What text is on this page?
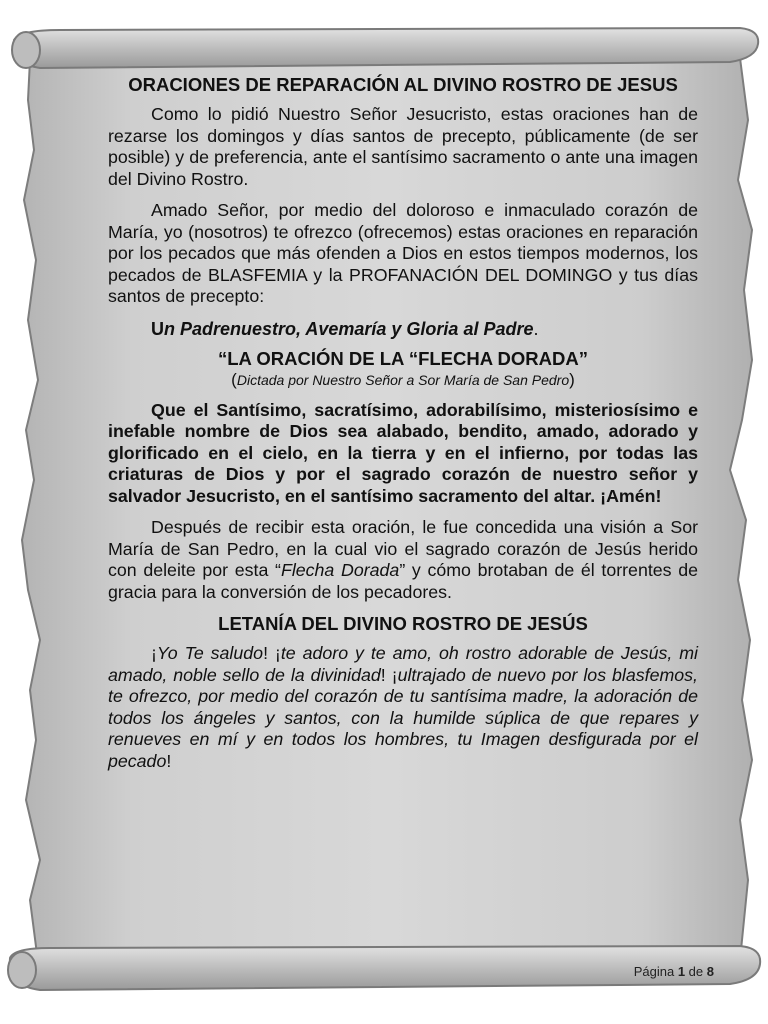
ORACIONES DE REPARACIÓN AL DIVINO ROSTRO DE JESUS

Como lo pidió Nuestro Señor Jesucristo, estas oraciones han de rezarse los domingos y días santos de precepto, públicamente (de ser posible) y de preferencia, ante el santísimo sacramento o ante una imagen del Divino Rostro.

Amado Señor, por medio del doloroso e inmaculado corazón de María, yo (nosotros) te ofrezco (ofrecemos) estas oraciones en reparación por los pecados que más ofenden a Dios en estos tiempos modernos, los pecados de BLASFEMIA y la PROFANACIÓN DEL DOMINGO y tus días santos de precepto:

Un Padrenuestro, Avemaría y Gloria al Padre.

“LA ORACIÓN DE LA “FLECHA DORADA”
(Dictada por Nuestro Señor a Sor María de San Pedro)

Que el Santísimo, sacratísimo, adorabilísimo, misteriosísimo e inefable nombre de Dios sea alabado, bendito, amado, adorado y glorificado en el cielo, en la tierra y en el infierno, por todas las criaturas de Dios y por el sagrado corazón de nuestro señor y salvador Jesucristo, en el santísimo sacramento del altar. ¡Amén!

Después de recibir esta oración, le fue concedida una visión a Sor María de San Pedro, en la cual vio el sagrado corazón de Jesús herido con deleite por esta “Flecha Dorada” y cómo brotaban de él torrentes de gracia para la conversión de los pecadores.

LETANÍA DEL DIVINO ROSTRO DE JESÚS

¡Yo Te saludo! ¡te adoro y te amo, oh rostro adorable de Jesús, mi amado, noble sello de la divinidad! ¡ultrajado de nuevo por los blasfemos, te ofrezco, por medio del corazón de tu santísima madre, la adoración de todos los ángeles y santos, con la humilde súplica de que repares y renueves en mí y en todos los hombres, tu Imagen desfigurada por el pecado!

Página 1 de 8
